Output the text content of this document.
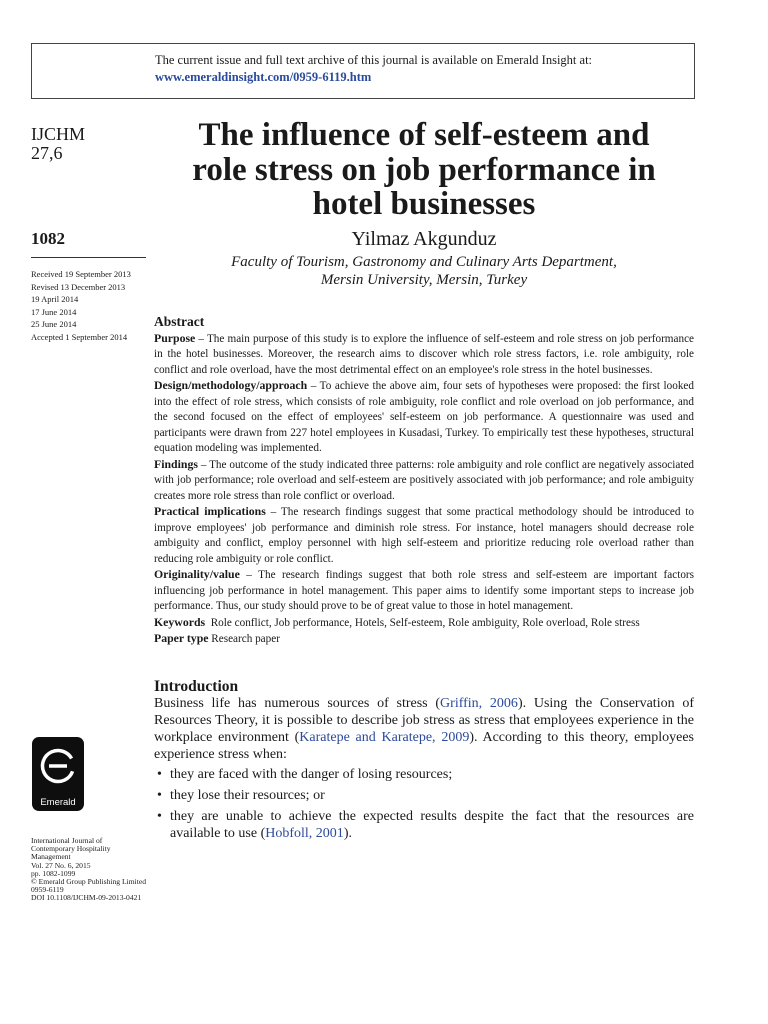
The current issue and full text archive of this journal is available on Emerald Insight at:
www.emeraldinsight.com/0959-6119.htm
IJCHM
27,6
1082
Received 19 September 2013
Revised 13 December 2013
19 April 2014
17 June 2014
25 June 2014
Accepted 1 September 2014
Emerald
International Journal of
Contemporary Hospitality
Management
Vol. 27 No. 6, 2015
pp. 1082-1099
© Emerald Group Publishing Limited
0959-6119
DOI 10.1108/IJCHM-09-2013-0421
The influence of self-esteem and
role stress on job performance in
hotel businesses
Yilmaz Akgunduz
Faculty of Tourism, Gastronomy and Culinary Arts Department,
Mersin University, Mersin, Turkey
Abstract

Purpose – The main purpose of this study is to explore the influence of self-esteem and role stress on job performance in the hotel businesses. Moreover, the research aims to discover which role stress factors, i.e. role ambiguity, role conflict and role overload, have the most detrimental effect on an employee's role stress in the hotel businesses.

Design/methodology/approach – To achieve the above aim, four sets of hypotheses were proposed: the first looked into the effect of role stress, which consists of role ambiguity, role conflict and role overload on job performance, and the second focused on the effect of employees' self-esteem on job performance. A questionnaire was used and participants were drawn from 227 hotel employees in Kusadasi, Turkey. To empirically test these hypotheses, structural equation modeling was implemented.

Findings – The outcome of the study indicated three patterns: role ambiguity and role conflict are negatively associated with job performance; role overload and self-esteem are positively associated with job performance; and role ambiguity creates more role stress than role conflict or overload.

Practical implications – The research findings suggest that some practical methodology should be introduced to improve employees' job performance and diminish role stress. For instance, hotel managers should decrease role ambiguity and conflict, employ personnel with high self-esteem and prioritize reducing role overload rather than reducing role ambiguity or role conflict.

Originality/value – The research findings suggest that both role stress and self-esteem are important factors influencing job performance in hotel management. This paper aims to identify some important steps to increase job performance. Thus, our study should prove to be of great value to those in hotel management.

Keywords Role conflict, Job performance, Hotels, Self-esteem, Role ambiguity, Role overload, Role stress

Paper type Research paper

Introduction

Business life has numerous sources of stress (Griffin, 2006). Using the Conservation of Resources Theory, it is possible to describe job stress as stress that employees experience in the workplace environment (Karatepe and Karatepe, 2009). According to this theory, employees experience stress when:

• they are faced with the danger of losing resources;
• they lose their resources; or
• they are unable to achieve the expected results despite the fact that the resources are available to use (Hobfoll, 2001).
